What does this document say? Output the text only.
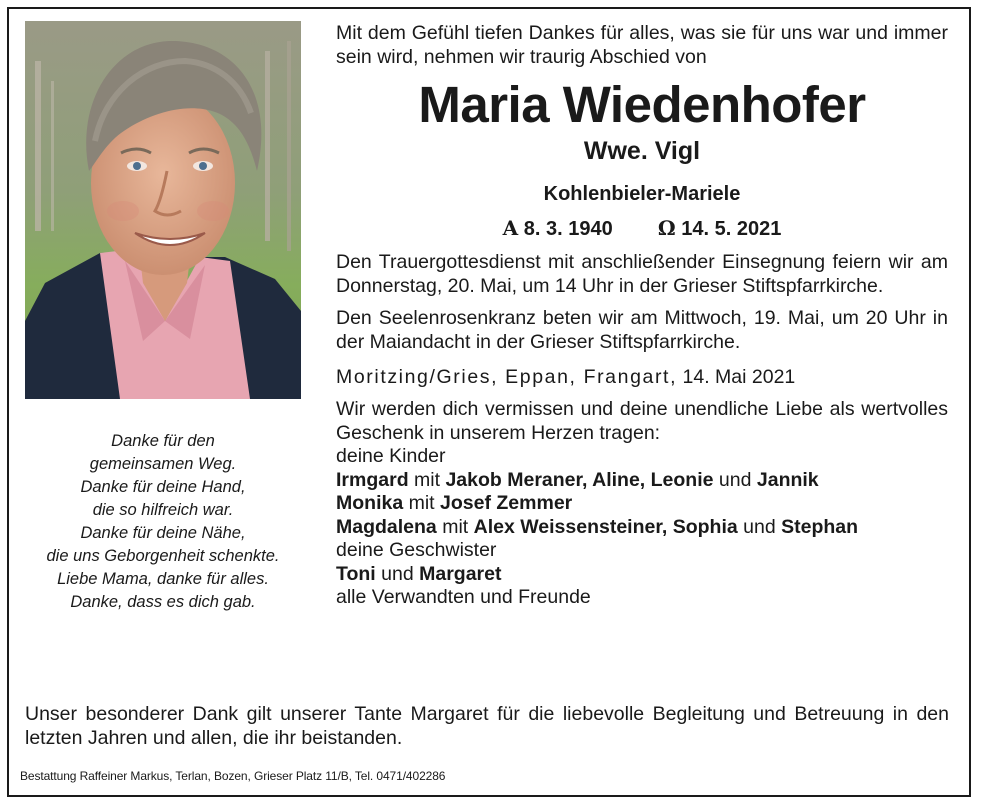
Danke für den
gemeinsamen Weg.
Danke für deine Hand,
die so hilfreich war.
Danke für deine Nähe,
die uns Geborgenheit schenkte.
Liebe Mama, danke für alles.
Danke, dass es dich gab.

Mit dem Gefühl tiefen Dankes für alles, was sie für uns war und immer sein wird, nehmen wir traurig Abschied von

Maria Wiedenhofer
Wwe. Vigl
Kohlenbieler-Mariele
A 8. 3. 1940 Ω 14. 5. 2021
Den Trauergottesdienst mit anschließender Einsegnung feiern wir am Donnerstag, 20. Mai, um 14 Uhr in der Grieser Stiftspfarrkirche.
Den Seelenrosenkranz beten wir am Mittwoch, 19. Mai, um 20 Uhr in der Maiandacht in der Grieser Stiftspfarrkirche.
Moritzing/Gries, Eppan, Frangart, 14. Mai 2021
Wir werden dich vermissen und deine unendliche Liebe als wertvolles Geschenk in unserem Herzen tragen:
deine Kinder
Irmgard mit Jakob Meraner, Aline, Leonie und Jannik
Monika mit Josef Zemmer
Magdalena mit Alex Weissensteiner, Sophia und Stephan
deine Geschwister
Toni und Margaret
alle Verwandten und Freunde
Unser besonderer Dank gilt unserer Tante Margaret für die liebevolle Begleitung und Betreuung in den letzten Jahren und allen, die ihr beistanden.
Bestattung Raffeiner Markus, Terlan, Bozen, Grieser Platz 11/B, Tel. 0471/402286
